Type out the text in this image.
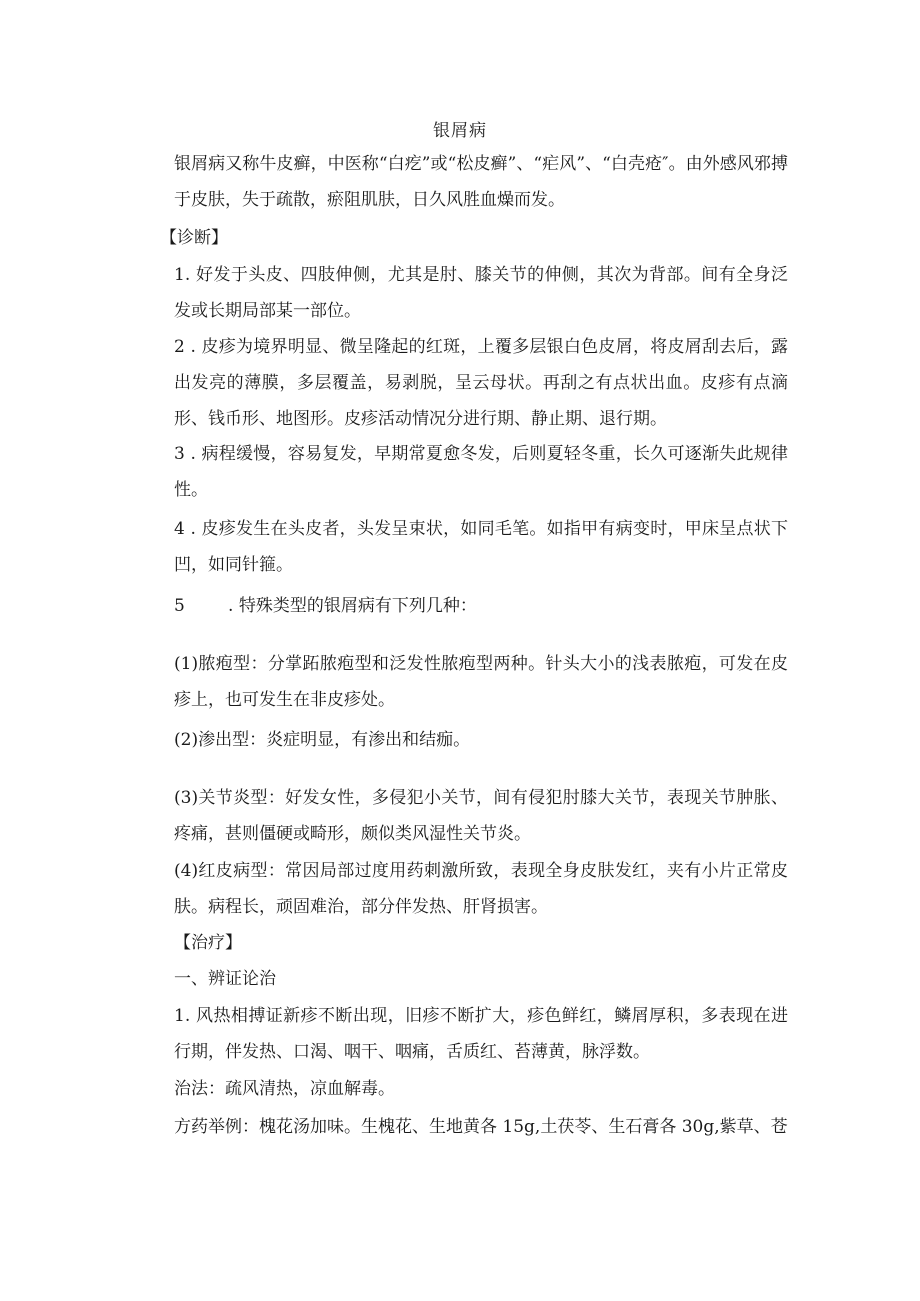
银屑病
银屑病又称牛皮癣，中医称“白疙”或“松皮癣”、“疟风”、“白壳疮″。由外感风邪搏于皮肤，失于疏散，瘀阻肌肤，日久风胜血燥而发。
【诊断】
1. 好发于头皮、四肢伸侧，尤其是肘、膝关节的伸侧，其次为背部。间有全身泛发或长期局部某一部位。
2 . 皮疹为境界明显、微呈隆起的红斑，上覆多层银白色皮屑，将皮屑刮去后，露出发亮的薄膜，多层覆盖，易剥脱，呈云母状。再刮之有点状出血。皮疹有点滴形、钱币形、地图形。皮疹活动情况分进行期、静止期、退行期。
3 . 病程缓慢，容易复发，早期常夏愈冬发，后则夏轻冬重，长久可逐渐失此规律性。
4 . 皮疹发生在头皮者，头发呈束状，如同毛笔。如指甲有病变时，甲床呈点状下凹，如同针箍。
5        . 特殊类型的银屑病有下列几种：
(1)脓疱型：分掌跖脓疱型和泛发性脓疱型两种。针头大小的浅表脓疱，可发在皮疹上，也可发生在非皮疹处。
(2)渗出型：炎症明显，有渗出和结痂。
(3)关节炎型：好发女性，多侵犯小关节，间有侵犯肘膝大关节，表现关节肿胀、疼痛，甚则僵硬或畸形，颇似类风湿性关节炎。
(4)红皮病型：常因局部过度用药刺激所致，表现全身皮肤发红，夹有小片正常皮肤。病程长，顽固难治，部分伴发热、肝肾损害。
【治疗】
一、辨证论治
1. 风热相搏证新疹不断出现，旧疹不断扩大，疹色鲜红，鳞屑厚积，多表现在进行期，伴发热、口渴、咽干、咽痛，舌质红、苔薄黄，脉浮数。
治法：疏风清热，凉血解毒。
方药举例：槐花汤加味。生槐花、生地黄各 15g,土茯苓、生石膏各 30g,紫草、苍
